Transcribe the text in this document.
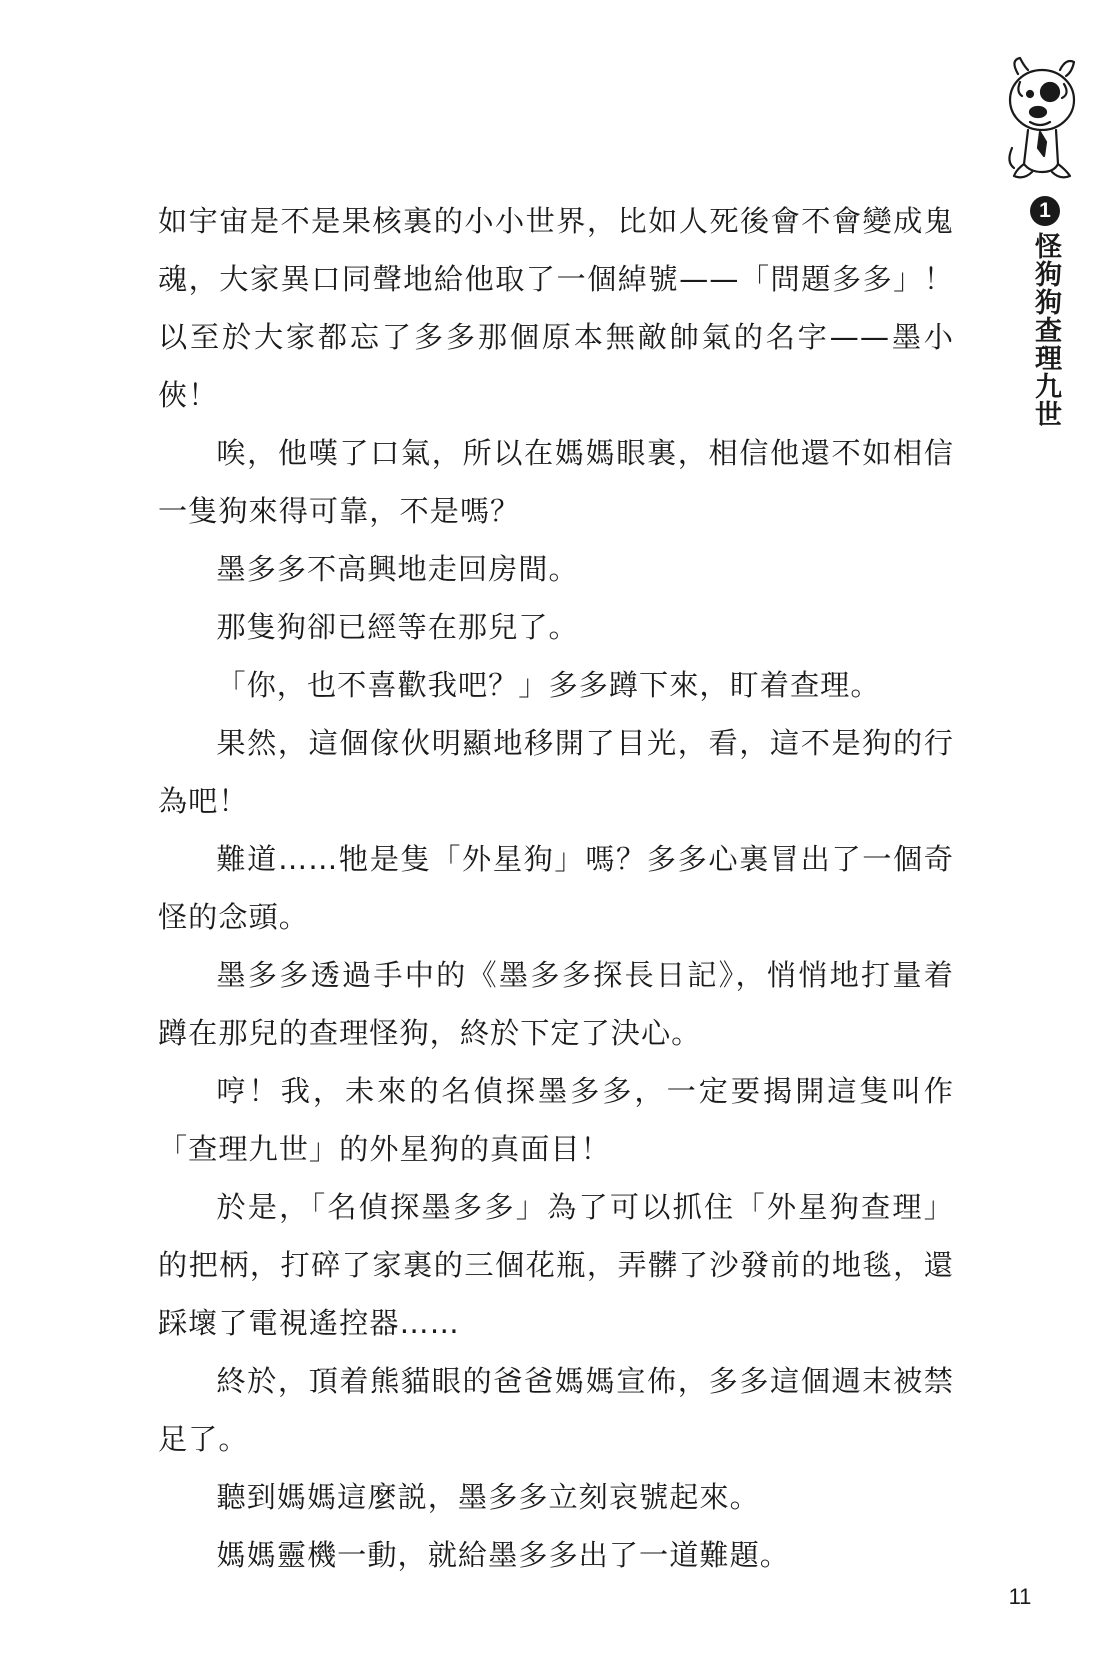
1
怪狗狗查理九世

如宇宙是不是果核裏的小小世界，比如人死後會不會變成鬼魂，大家異口同聲地給他取了一個綽號——「問題多多」！以至於大家都忘了多多那個原本無敵帥氣的名字——墨小俠！

唉，他嘆了口氣，所以在媽媽眼裏，相信他還不如相信一隻狗來得可靠，不是嗎？

墨多多不高興地走回房間。

那隻狗卻已經等在那兒了。

「你，也不喜歡我吧？」多多蹲下來，盯着查理。

果然，這個傢伙明顯地移開了目光，看，這不是狗的行為吧！

難道……牠是隻「外星狗」嗎？多多心裏冒出了一個奇怪的念頭。

墨多多透過手中的《墨多多探長日記》，悄悄地打量着蹲在那兒的查理怪狗，終於下定了決心。

哼！我，未來的名偵探墨多多，一定要揭開這隻叫作「查理九世」的外星狗的真面目！

於是，「名偵探墨多多」為了可以抓住「外星狗查理」的把柄，打碎了家裏的三個花瓶，弄髒了沙發前的地毯，還踩壞了電視遙控器……

終於，頂着熊貓眼的爸爸媽媽宣佈，多多這個週末被禁足了。

聽到媽媽這麼説，墨多多立刻哀號起來。

媽媽靈機一動，就給墨多多出了一道難題。

11
